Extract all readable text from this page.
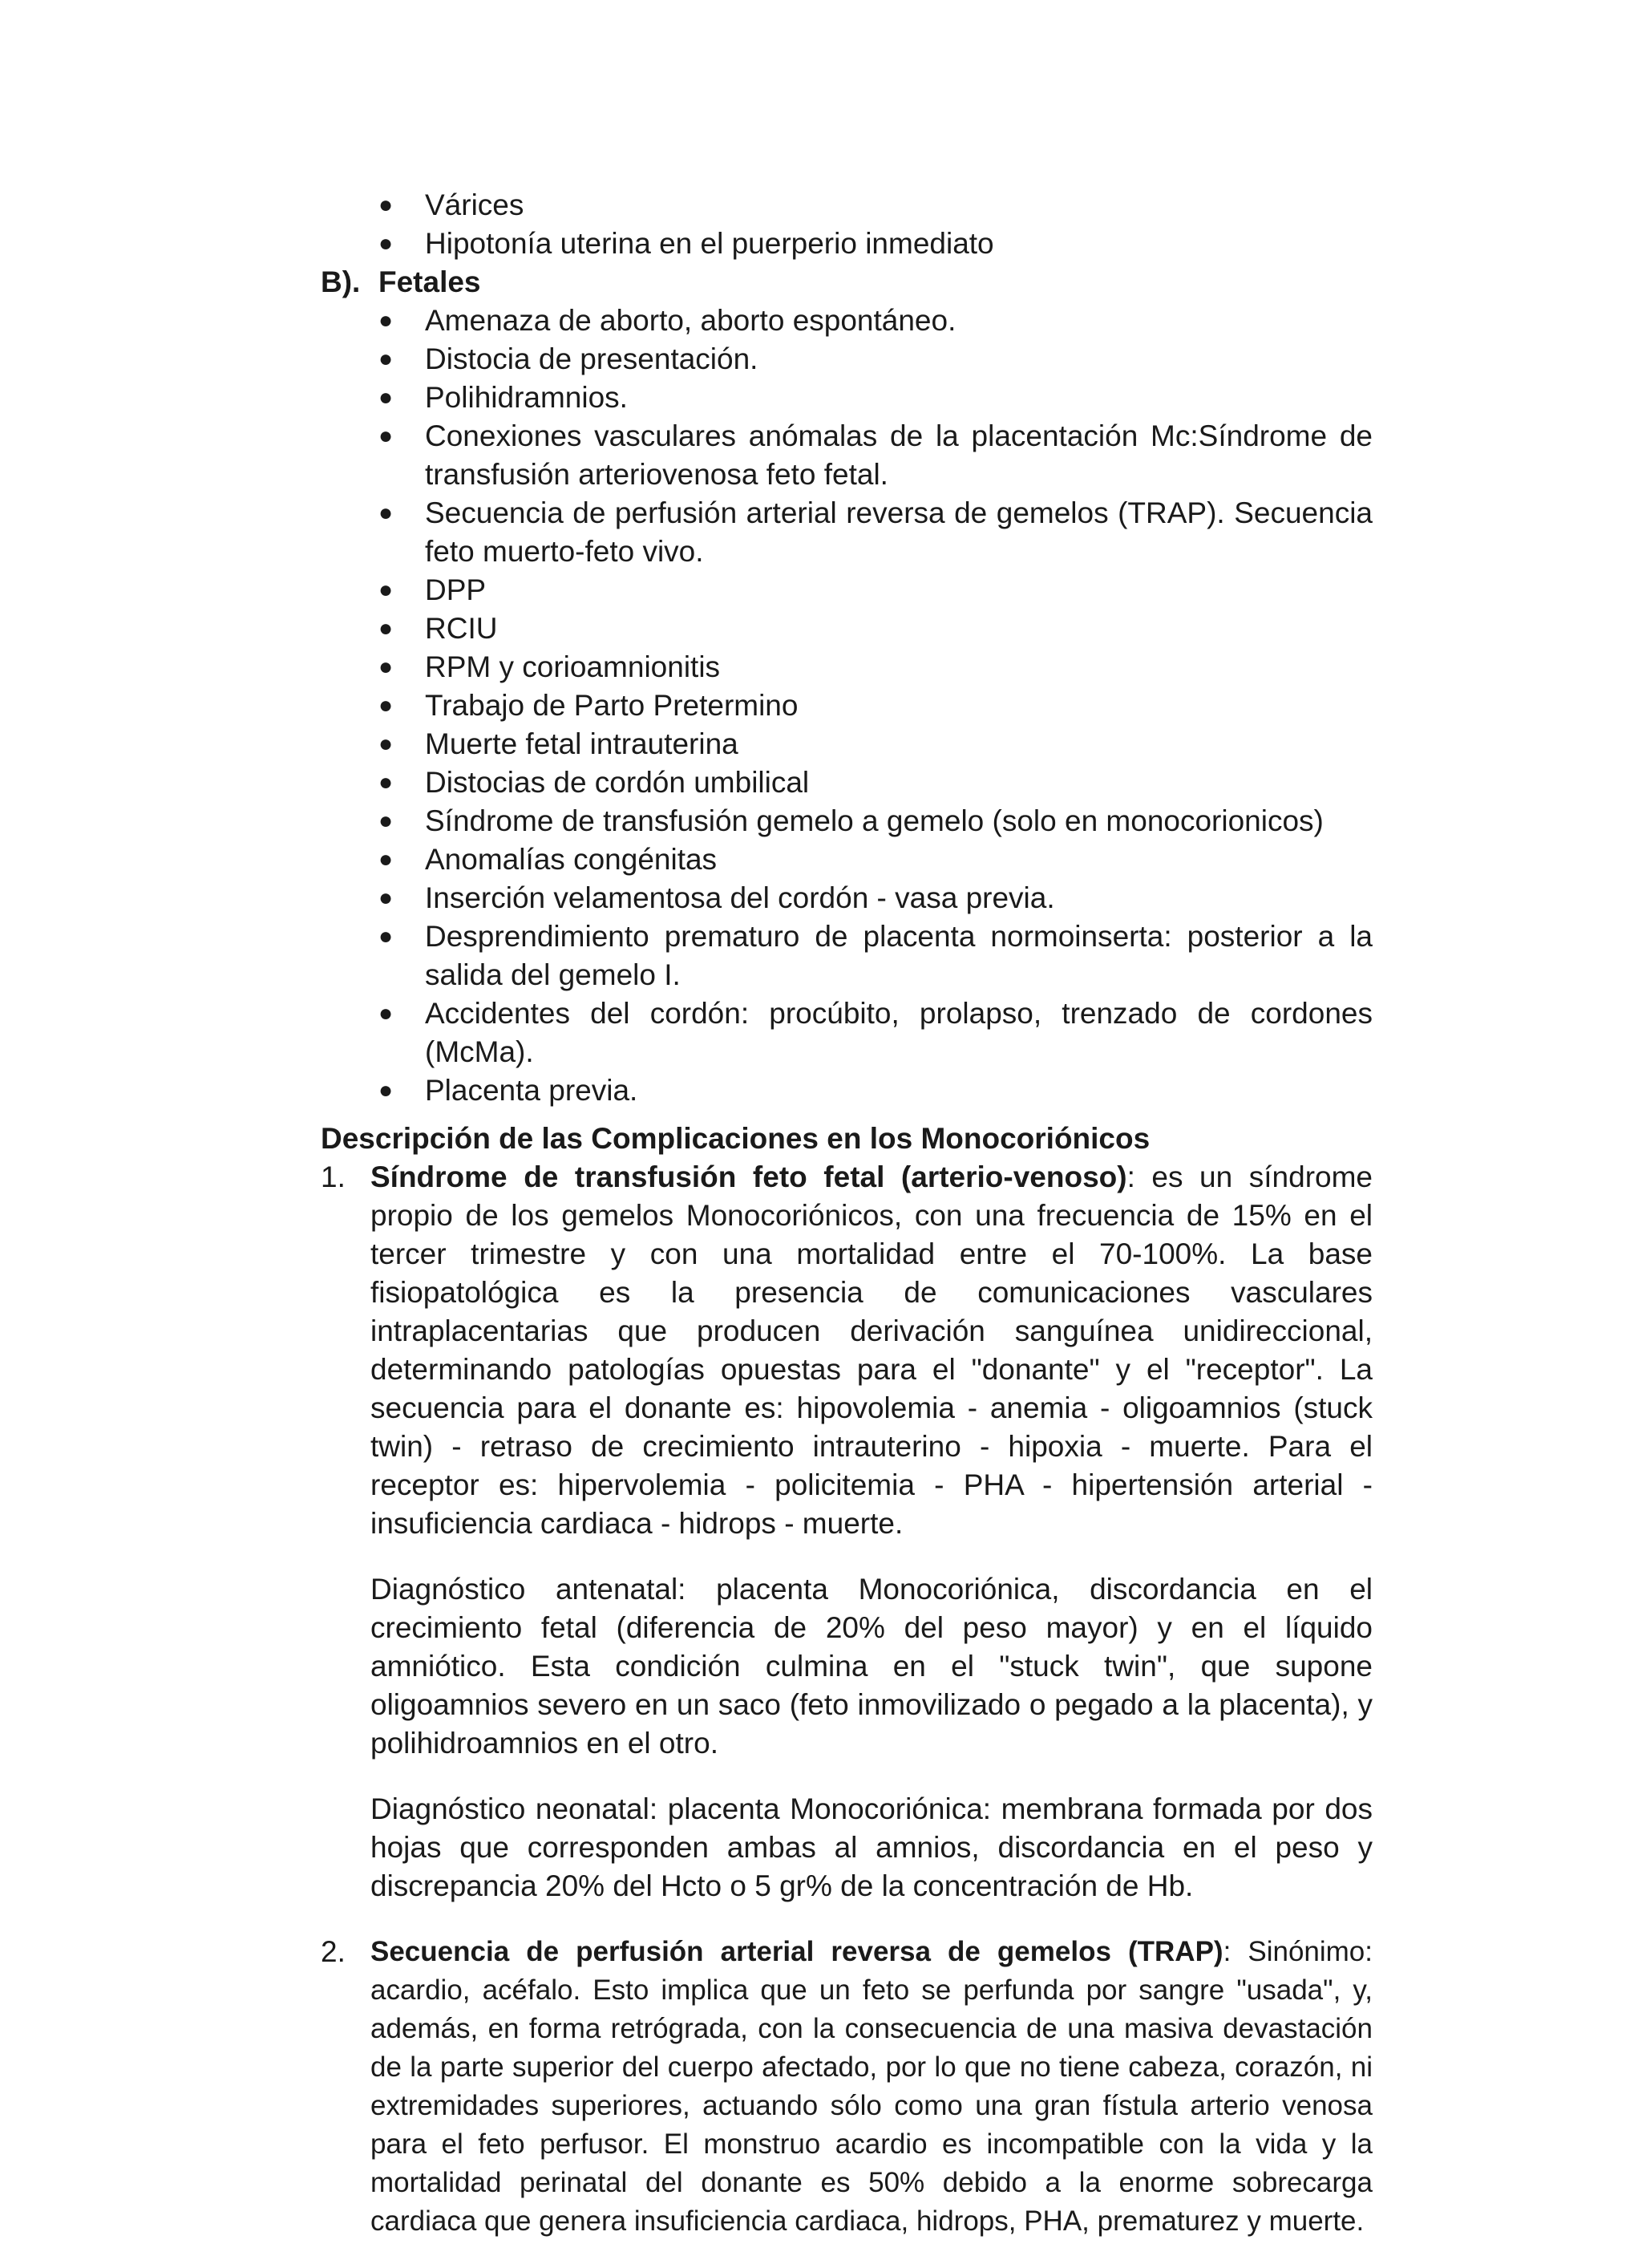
● Várices
● Hipotonía uterina en el puerperio inmediato
B). Fetales
● Amenaza de aborto, aborto espontáneo.
● Distocia de presentación.
● Polihidramnios.
● Conexiones vasculares anómalas de la placentación Mc:Síndrome de transfusión arteriovenosa feto fetal.
● Secuencia de perfusión arterial reversa de gemelos (TRAP). Secuencia feto muerto-feto vivo.
● DPP
● RCIU
● RPM y corioamnionitis
● Trabajo de Parto Pretermino
● Muerte fetal intrauterina
● Distocias de cordón umbilical
● Síndrome de transfusión gemelo a gemelo (solo en monocorionicos)
● Anomalías congénitas
● Inserción velamentosa del cordón - vasa previa.
● Desprendimiento prematuro de placenta normoinserta: posterior a la salida del gemelo I.
● Accidentes del cordón: procúbito, prolapso, trenzado de cordones (McMa).
● Placenta previa.
Descripción de las Complicaciones en los Monocoriónicos
1. Síndrome de transfusión feto fetal (arterio-venoso): es un síndrome propio de los gemelos Monocoriónicos, con una frecuencia de 15% en el tercer trimestre y con una mortalidad entre el 70-100%. La base fisiopatológica es la presencia de comunicaciones vasculares intraplacentarias que producen derivación sanguínea unidireccional, determinando patologías opuestas para el "donante" y el "receptor". La secuencia para el donante es: hipovolemia - anemia - oligoamnios (stuck twin) - retraso de crecimiento intrauterino - hipoxia - muerte. Para el receptor es: hipervolemia - policitemia - PHA - hipertensión arterial - insuficiencia cardiaca - hidrops - muerte.

Diagnóstico antenatal: placenta Monocoriónica, discordancia en el crecimiento fetal (diferencia de 20% del peso mayor) y en el líquido amniótico. Esta condición culmina en el "stuck twin", que supone oligoamnios severo en un saco (feto inmovilizado o pegado a la placenta), y polihidroamnios en el otro.

Diagnóstico neonatal: placenta Monocoriónica: membrana formada por dos hojas que corresponden ambas al amnios, discordancia en el peso y discrepancia 20% del Hcto o 5 gr% de la concentración de Hb.

2. Secuencia de perfusión arterial reversa de gemelos (TRAP): Sinónimo: acardio, acéfalo. Esto implica que un feto se perfunda por sangre "usada", y, además, en forma retrógrada, con la consecuencia de una masiva devastación de la parte superior del cuerpo afectado, por lo que no tiene cabeza, corazón, ni extremidades superiores, actuando sólo como una gran fístula arterio venosa para el feto perfusor. El monstruo acardio es incompatible con la vida y la mortalidad perinatal del donante es 50% debido a la enorme sobrecarga cardiaca que genera insuficiencia cardiaca, hidrops, PHA, prematurez y muerte.
